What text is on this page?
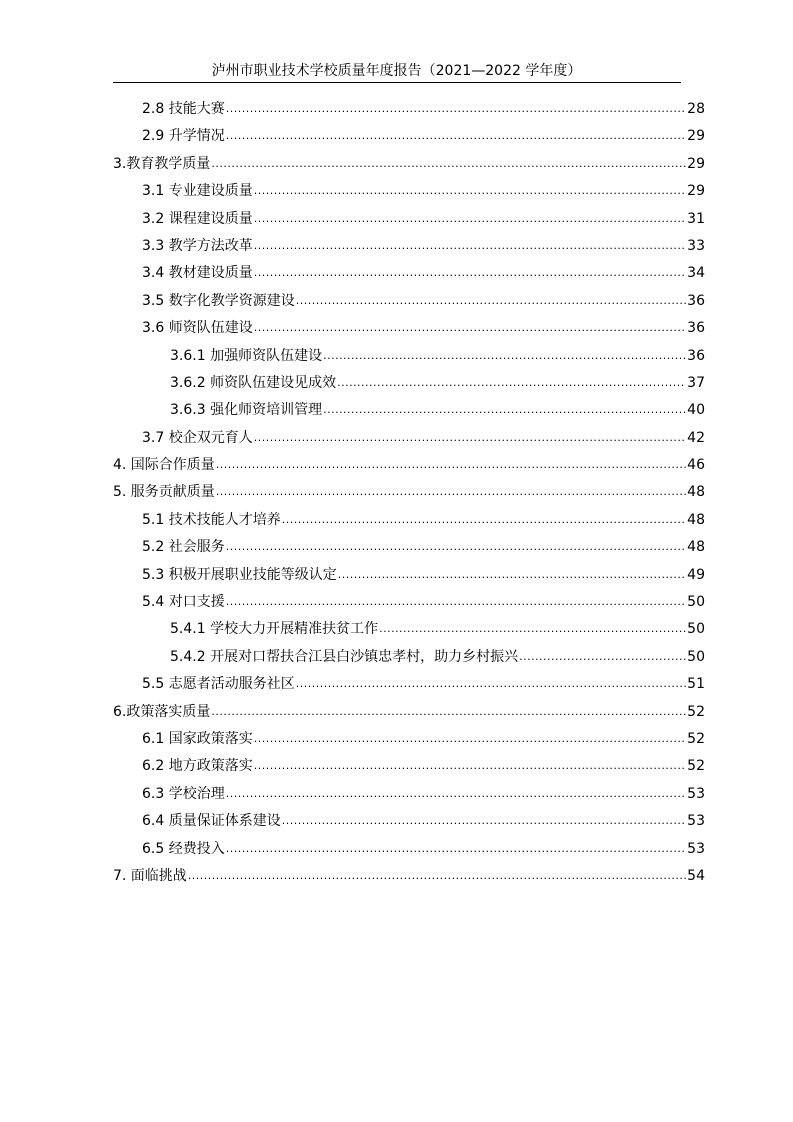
泸州市职业技术学校质量年度报告（2021—2022 学年度）
2.8 技能大赛 .....	28
2.9 升学情况 .....	29
3.教育教学质量 .....	29
3.1 专业建设质量 .....	29
3.2 课程建设质量 .....	31
3.3 教学方法改革 .....	33
3.4 教材建设质量 .....	34
3.5 数字化教学资源建设 .....	36
3.6 师资队伍建设 .....	36
3.6.1 加强师资队伍建设 .....	36
3.6.2 师资队伍建设见成效 .....	37
3.6.3 强化师资培训管理 .....	40
3.7 校企双元育人 .....	42
4. 国际合作质量 .....	46
5. 服务贡献质量 .....	48
5.1 技术技能人才培养 .....	48
5.2 社会服务 .....	48
5.3 积极开展职业技能等级认定 .....	49
5.4 对口支援 .....	50
5.4.1 学校大力开展精准扶贫工作 .....	50
5.4.2 开展对口帮扶合江县白沙镇忠孝村，助力乡村振兴 .....	50
5.5 志愿者活动服务社区 .....	51
6.政策落实质量 .....	52
6.1 国家政策落实 .....	52
6.2 地方政策落实 .....	52
6.3 学校治理 .....	53
6.4 质量保证体系建设 .....	53
6.5 经费投入 .....	53
7. 面临挑战 .....	54
